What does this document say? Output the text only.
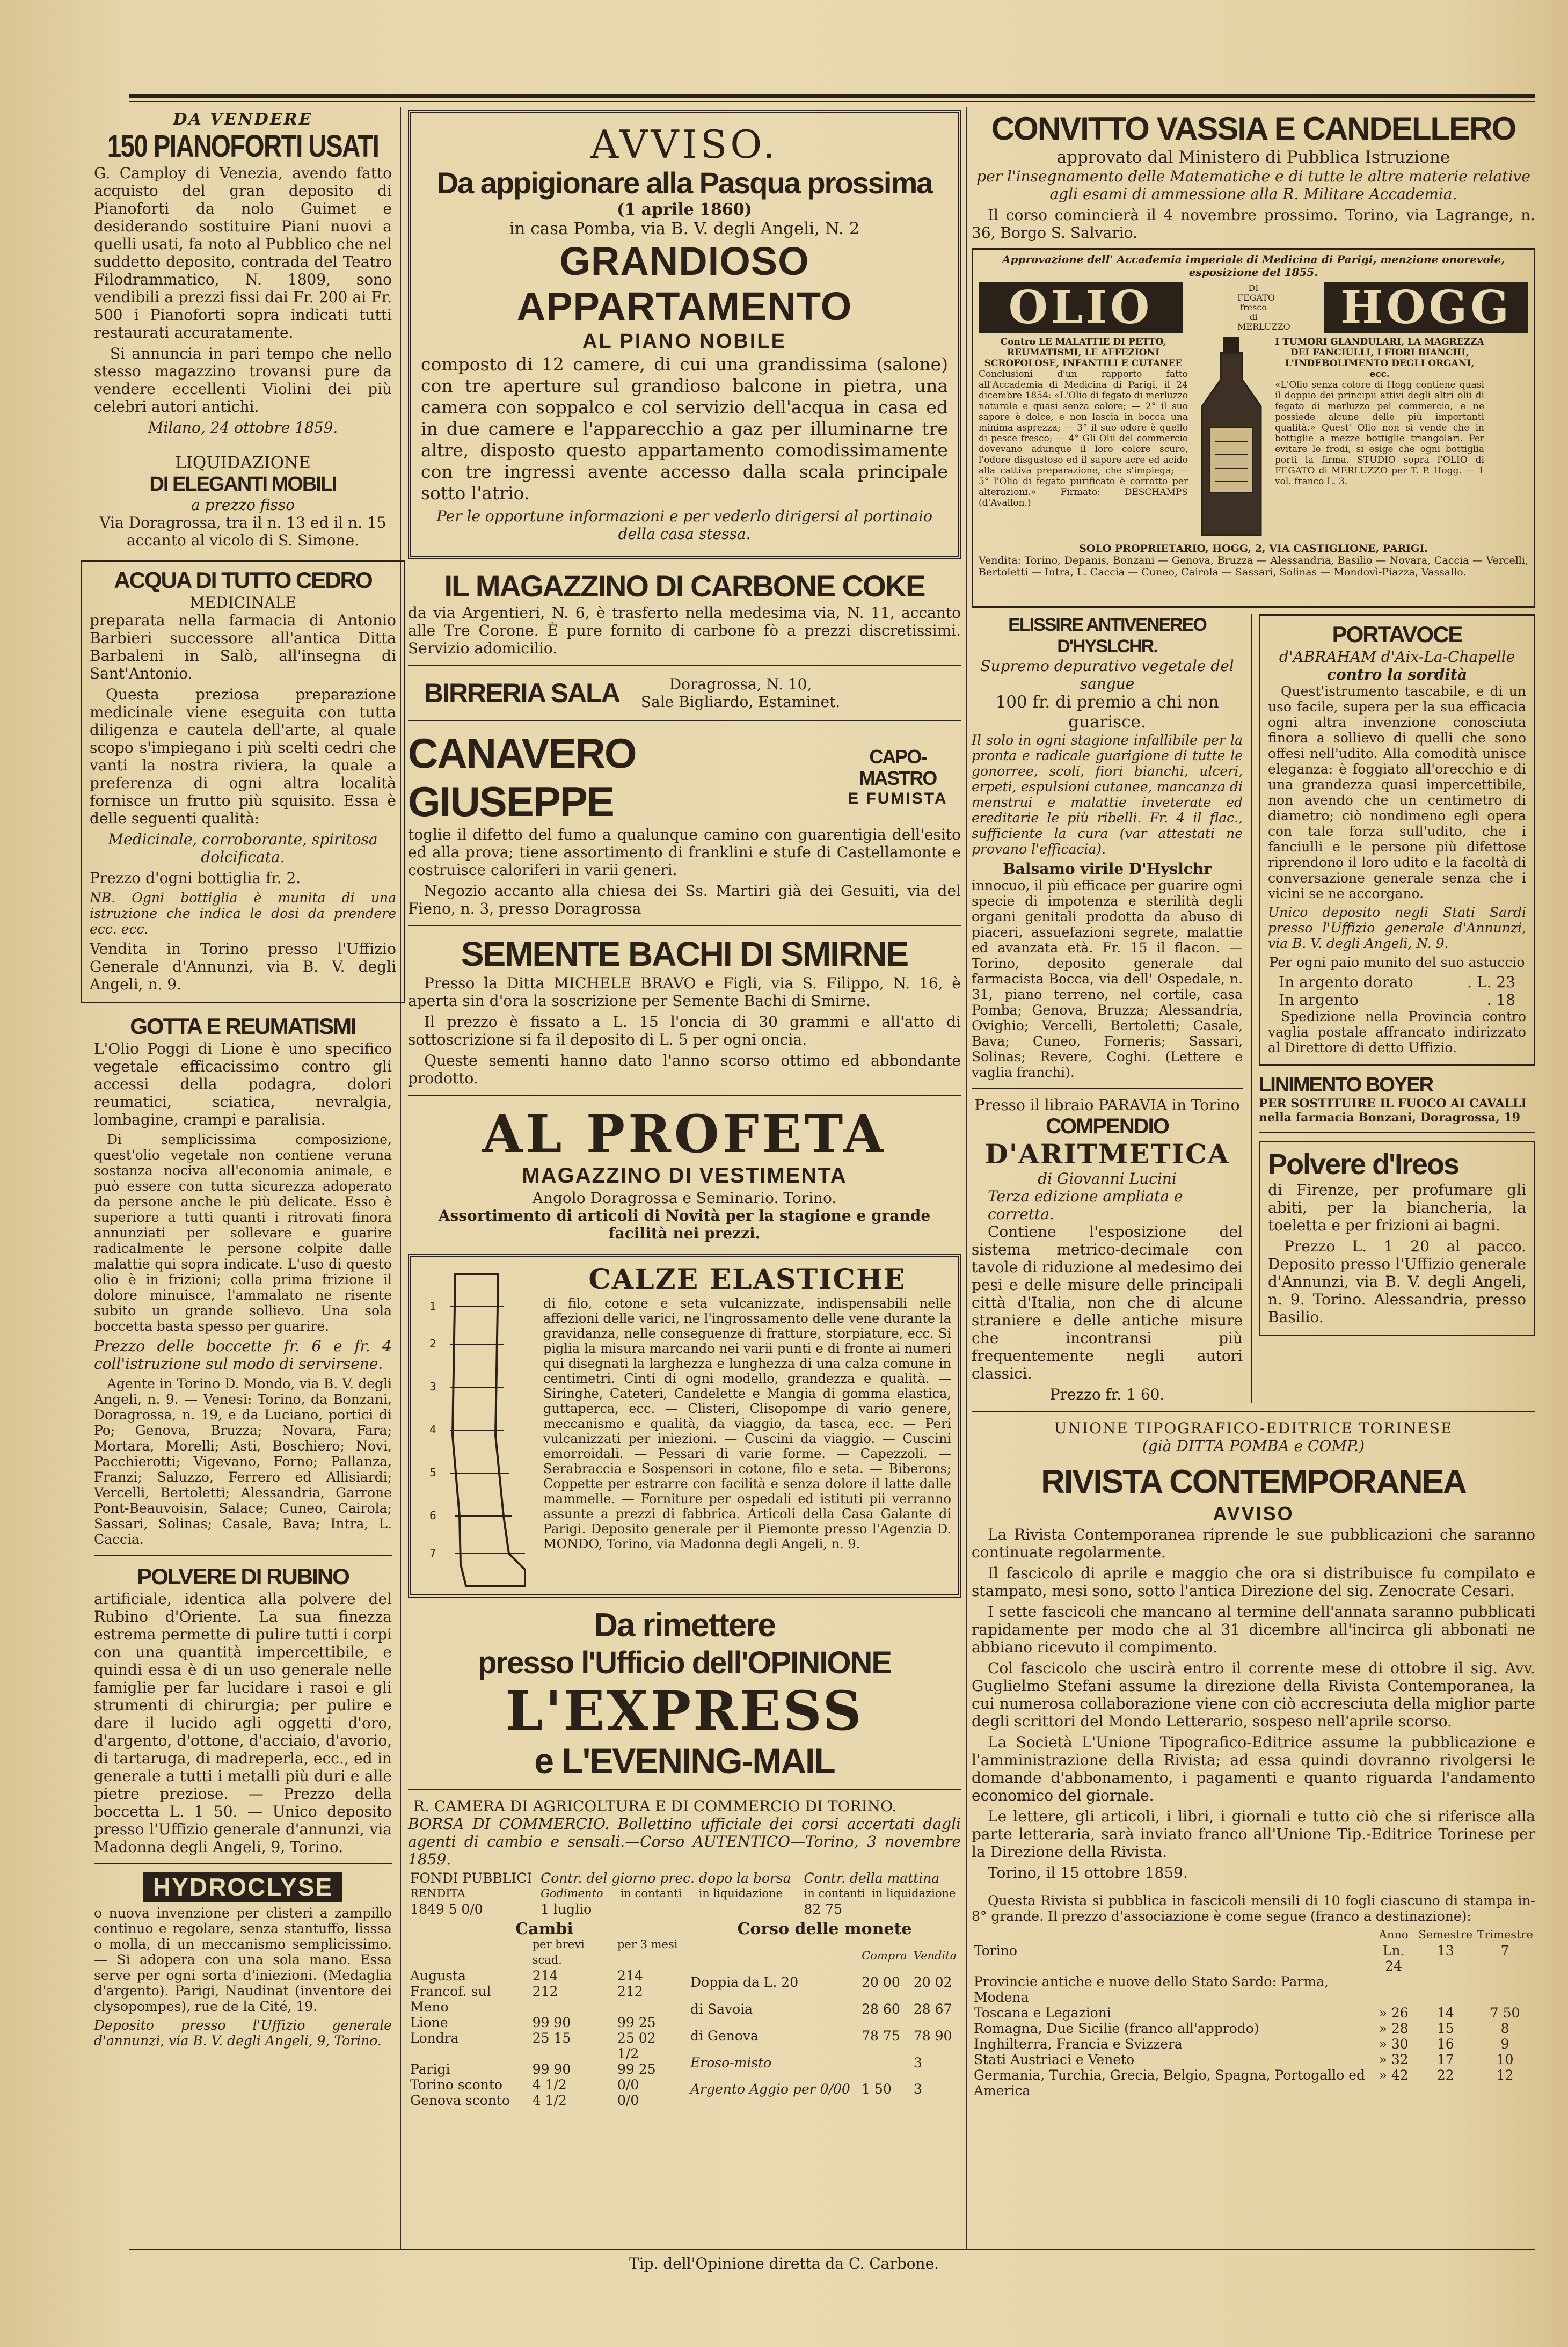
DA VENDERE
150 PIANOFORTI USATI

G. Camploy di Venezia, avendo fatto acquisto del gran deposito di Pianoforti da nolo Guimet e desiderando sostituire Piani nuovi a quelli usati, fa noto al Pubblico che nel suddetto deposito, contrada del Teatro Filodrammatico, N. 1809, sono vendibili a prezzi fissi dai Fr. 200 ai Fr. 500 i Pianoforti sopra indicati tutti restaurati accuratamente.

Si annuncia in pari tempo che nello stesso magazzino trovansi pure da vendere eccellenti Violini dei più celebri autori antichi.

Milano, 24 ottobre 1859.

LIQUIDAZIONE
DI ELEGANTI MOBILI
a prezzo fisso

Via Doragrossa, tra il n. 13 ed il n. 15 accanto al vicolo di S. Simone.

ACQUA DI TUTTO CEDRO
MEDICINALE

preparata nella farmacia di Antonio Barbieri successore all'antica Ditta Barbaleni in Salò, all'insegna di Sant'Antonio.

Questa preziosa preparazione medicinale viene eseguita con tutta diligenza e cautela dell'arte, al quale scopo s'impiegano i più scelti cedri che vanti la nostra riviera, la quale a preferenza di ogni altra località fornisce un frutto più squisito. Essa è delle seguenti qualità:

Medicinale, corroborante, spiritosa dolcificata.

Prezzo d'ogni bottiglia fr. 2.

NB. Ogni bottiglia è munita di una istruzione che indica le dosi da prendere ecc. ecc.

Vendita in Torino presso l'Uffizio Generale d'Annunzi, via B. V. degli Angeli, n. 9.

GOTTA E REUMATISMI

L'Olio Poggi di Lione è uno specifico vegetale efficacissimo contro gli accessi della podagra, dolori reumatici, sciatica, nevralgia, lombagine, crampi e paralisia.

Di semplicissima composizione, quest'olio vegetale non contiene veruna sostanza nociva all'economia animale, e può essere con tutta sicurezza adoperato da persone anche le più delicate. Esso è superiore a tutti quanti i ritrovati finora annunziati per sollevare e guarire radicalmente le persone colpite dalle malattie qui sopra indicate. L'uso di questo olio è in frizioni; colla prima frizione il dolore minuisce, l'ammalato ne risente subito un grande sollievo. Una sola boccetta basta spesso per guarire.

Prezzo delle boccette fr. 6 e fr. 4 coll'istruzione sul modo di servirsene.

Agente in Torino D. Mondo, via B. V. degli Angeli, n. 9. — Venesi: Torino, da Bonzani, Doragrossa, n. 19, e da Luciano, portici di Po; Genova, Bruzza; Novara, Fara; Mortara, Morelli; Asti, Boschiero; Novi, Pacchierotti; Vigevano, Forno; Pallanza, Franzi; Saluzzo, Ferrero ed Allisiardi; Vercelli, Bertoletti; Alessandria, Garrone Pont-Beauvoisin, Salace; Cuneo, Cairola; Sassari, Solinas; Casale, Bava; Intra, L. Caccia.

POLVERE DI RUBINO

artificiale, identica alla polvere del Rubino d'Oriente. La sua finezza estrema permette di pulire tutti i corpi con una quantità impercettibile, e quindi essa è di un uso generale nelle famiglie per far lucidare i rasoi e gli strumenti di chirurgia; per pulire e dare il lucido agli oggetti d'oro, d'argento, d'ottone, d'acciaio, d'avorio, di tartaruga, di madreperla, ecc., ed in generale a tutti i metalli più duri e alle pietre preziose. — Prezzo della boccetta L. 1 50. — Unico deposito presso l'Uffizio generale d'annunzi, via Madonna degli Angeli, 9, Torino.

HYDROCLYSE

o nuova invenzione per clisteri a zampillo continuo e regolare, senza stantuffo, lisssa o molla, di un meccanismo semplicissimo. — Si adopera con una sola mano. Essa serve per ogni sorta d'iniezioni. (Medaglia d'argento). Parigi, Naudinat (inventore dei clysopompes), rue de la Cité, 19.

Deposito presso l'Uffizio generale d'annunzi, via B. V. degli Angeli, 9, Torino.

AVVISO.
Da appigionare alla Pasqua prossima
(1 aprile 1860)
in casa Pomba, via B. V. degli Angeli, N. 2
GRANDIOSO APPARTAMENTO
AL PIANO NOBILE

composto di 12 camere, di cui una grandissima (salone) con tre aperture sul grandioso balcone in pietra, una camera con soppalco e col servizio dell'acqua in casa ed in due camere e l'apparecchio a gaz per illuminarne tre altre, disposto questo appartamento comodissimamente con tre ingressi avente accesso dalla scala principale sotto l'atrio.

Per le opportune informazioni e per vederlo dirigersi al portinaio della casa stessa.

IL MAGAZZINO DI CARBONE COKE

da via Argentieri, N. 6, è trasferto nella medesima via, N. 11, accanto alle Tre Corone. È pure fornito di carbone fò a prezzi discretissimi. Servizio adomicilio.

BIRRERIA SALA	Doragrossa, N. 10,
Sale Bigliardo, Estaminet.
CANAVERO GIUSEPPE
CAPO-MASTRO
E FUMISTA

toglie il difetto del fumo a qualunque camino con guarentigia dell'esito ed alla prova; tiene assortimento di franklini e stufe di Castellamonte e costruisce caloriferi in varii generi.

Negozio accanto alla chiesa dei Ss. Martiri già dei Gesuiti, via del Fieno, n. 3, presso Doragrossa

SEMENTE BACHI DI SMIRNE

Presso la Ditta MICHELE BRAVO e Figli, via S. Filippo, N. 16, è aperta sin d'ora la soscrizione per Semente Bachi di Smirne.

Il prezzo è fissato a L. 15 l'oncia di 30 grammi e all'atto di sottoscrizione si fa il deposito di L. 5 per ogni oncia.

Queste sementi hanno dato l'anno scorso ottimo ed abbondante prodotto.

AL PROFETA
MAGAZZINO DI VESTIMENTA
Angolo Doragrossa e Seminario. Torino.
Assortimento di articoli di Novità per la stagione e grande facilità nei prezzi.
1
2
3
4
5
6
7
CALZE ELASTICHE

di filo, cotone e seta vulcanizzate, indispensabili nelle affezioni delle varici, ne l'ingrossamento delle vene durante la gravidanza, nelle conseguenze di fratture, storpiature, ecc. Si piglia la misura marcando nei varii punti e di fronte ai numeri qui disegnati la larghezza e lunghezza di una calza comune in centimetri. Cinti di ogni modello, grandezza e qualità. — Siringhe, Cateteri, Candelette e Mangia di gomma elastica, guttaperca, ecc. — Clisteri, Clisopompe di vario genere, meccanismo e qualità, da viaggio, da tasca, ecc. — Peri vulcanizzati per iniezioni. — Cuscini da viaggio. — Cuscini emorroidali. — Pessari di varie forme. — Capezzoli. — Serabraccia e Sospensori in cotone, filo e seta. — Biberons; Coppette per estrarre con facilità e senza dolore il latte dalle mammelle. — Forniture per ospedali ed istituti pii verranno assunte a prezzi di fabbrica. Articoli della Casa Galante di Parigi. Deposito generale per il Piemonte presso l'Agenzia D. MONDO, Torino, via Madonna degli Angeli, n. 9.

Da rimettere
presso l'Ufficio dell'OPINIONE
L'EXPRESS
e L'EVENING-MAIL
R. CAMERA DI AGRICOLTURA E DI COMMERCIO DI TORINO.
BORSA DI COMMERCIO. Bollettino ufficiale dei corsi accertati dagli agenti di cambio e sensali.—Corso AUTENTICO—Torino, 3 novembre 1859.
FONDI PUBBLICI	Contr. del giorno prec. dopo la borsa			Contr. della mattina	
RENDITA	Godimento	in contanti	in liquidazione	in contanti	in liquidazione
1849 5 0/0	1 luglio			82 75	
Cambi		
	per brevi scad.	per 3 mesi
Augusta	214	214
Francof. sul Meno	212	212
Lione	99 90	99 25
Londra	25 15	25 02 1/2
Parigi	99 90	99 25
Torino sconto	4 1/2	0/0
Genova sconto	4 1/2	0/0
Corso delle monete		
	Compra	Vendita
Doppia da L. 20	20 00	20 02
di Savoia	28 60	28 67
di Genova	78 75	78 90
Eroso-misto		3
Argento Aggio per 0/00	1 50	3
CONVITTO VASSIA E CANDELLERO
approvato dal Ministero di Pubblica Istruzione

per l'insegnamento delle Matematiche e di tutte le altre materie relative agli esami di ammessione alla R. Militare Accademia.

Il corso comincierà il 4 novembre prossimo. Torino, via Lagrange, n. 36, Borgo S. Salvario.

Approvazione dell' Accademia imperiale di Medicina di Parigi, menzione onorevole, esposizione del 1855.
OLIO	DI FEGATO fresco di MERLUZZO	HOGG
Contro LE MALATTIE DI PETTO, REUMATISMI, LE AFFEZIONI SCROFOLOSE, INFANTILI E CUTANEE

Conclusioni d'un rapporto fatto all'Accademia di Medicina di Parigi, il 24 dicembre 1854: «L'Olio di fegato di merluzzo naturale e quasi senza colore; — 2° il suo sapore è dolce, e non lascia in bocca una minima asprezza; — 3° il suo odore è quello di pesce fresco; — 4° Gli Olii del commercio dovevano adunque il loro colore scuro, l'odore disgustoso ed il sapore acre ed acido alla cattiva preparazione, che s'impiega; — 5° l'Olio di fegato purificato è corrotto per alterazioni.» Firmato: DESCHAMPS (d'Avallon.)

I TUMORI GLANDULARI, LA MAGREZZA DEI FANCIULLI, I FIORI BIANCHI, L'INDEBOLIMENTO DEGLI ORGANI, ecc.

«L'Olio senza colore di Hogg contiene quasi il doppio dei principii attivi degli altri olii di fegato di merluzzo pel commercio, e ne possiede alcune delle più importanti qualità.» Quest' Olio non si vende che in bottiglie a mezze bottiglie triangolari. Per evitare le frodi, si esige che ogni bottiglia porti la firma. STUDIO sopra l'OLIO di FEGATO di MERLUZZO per T. P. Hogg. — 1 vol. franco L. 3.

SOLO PROPRIETARIO, HOGG, 2, VIA CASTIGLIONE, PARIGI.

Vendita: Torino, Depanis, Bonzani — Genova, Bruzza — Alessandria, Basilio — Novara, Caccia — Vercelli, Bertoletti — Intra, L. Caccia — Cuneo, Cairola — Sassari, Solinas — Mondovì-Piazza, Vassallo.

ELISSIRE ANTIVENEREO D'HYSLCHR.
Supremo depurativo vegetale del sangue
100 fr. di premio a chi non guarisce.

Il solo in ogni stagione infallibile per la pronta e radicale guarigione di tutte le gonorree, scoli, fiori bianchi, ulceri, erpeti, espulsioni cutanee, mancanza di menstrui e malattie inveterate ed ereditarie le più ribelli. Fr. 4 il flac., sufficiente la cura (var attestati ne provano l'efficacia).

Balsamo virile D'Hyslchr

innocuo, il più efficace per guarire ogni specie di impotenza e sterilità degli organi genitali prodotta da abuso di piaceri, assuefazioni segrete, malattie ed avanzata età. Fr. 15 il flacon. — Torino, deposito generale dal farmacista Bocca, via dell' Ospedale, n. 31, piano terreno, nel cortile, casa Pomba; Genova, Bruzza; Alessandria, Ovighio; Vercelli, Bertoletti; Casale, Bava; Cuneo, Forneris; Sassari, Solinas; Revere, Coghi. (Lettere e vaglia franchi).

Presso il libraio PARAVIA in Torino
COMPENDIO
D'ARITMETICA
di Giovanni Lucini
Terza edizione ampliata e corretta.

Contiene l'esposizione del sistema metrico-decimale con tavole di riduzione al medesimo dei pesi e delle misure delle principali città d'Italia, non che di alcune straniere e delle antiche misure che incontransi più frequentemente negli autori classici.

Prezzo fr. 1 60.
PORTAVOCE
d'ABRAHAM d'Aix-La-Chapelle
contro la sordità

Quest'istrumento tascabile, e di un uso facile, supera per la sua efficacia ogni altra invenzione conosciuta finora a sollievo di quelli che sono offesi nell'udito. Alla comodità unisce eleganza: è foggiato all'orecchio e di una grandezza quasi impercettibile, non avendo che un centimetro di diametro; ciò nondimeno egli opera con tale forza sull'udito, che i fanciulli e le persone più difettose riprendono il loro udito e la facoltà di conversazione generale senza che i vicini se ne accorgano.

Unico deposito negli Stati Sardi presso l'Uffizio generale d'Annunzi, via B. V. degli Angeli, N. 9.

Per ogni paio munito del suo astuccio

In argento dorato	. L. 23
In argento	. 18

Spedizione nella Provincia contro vaglia postale affrancato indirizzato al Direttore di detto Uffizio.

LINIMENTO BOYER
PER SOSTITUIRE IL FUOCO AI CAVALLI nella farmacia Bonzani, Doragrossa, 19
Polvere d'Ireos

di Firenze, per profumare gli abiti, per la biancheria, la toeletta e per frizioni ai bagni.

Prezzo L. 1 20 al pacco. Deposito presso l'Uffizio generale d'Annunzi, via B. V. degli Angeli, n. 9. Torino. Alessandria, presso Basilio.

UNIONE TIPOGRAFICO-EDITRICE TORINESE
(già DITTA POMBA e COMP.)
RIVISTA CONTEMPORANEA
AVVISO

La Rivista Contemporanea riprende le sue pubblicazioni che saranno continuate regolarmente.

Il fascicolo di aprile e maggio che ora si distribuisce fu compilato e stampato, mesi sono, sotto l'antica Direzione del sig. Zenocrate Cesari.

I sette fascicoli che mancano al termine dell'annata saranno pubblicati rapidamente per modo che al 31 dicembre all'incirca gli abbonati ne abbiano ricevuto il compimento.

Col fascicolo che uscirà entro il corrente mese di ottobre il sig. Avv. Guglielmo Stefani assume la direzione della Rivista Contemporanea, la cui numerosa collaborazione viene con ciò accresciuta della miglior parte degli scrittori del Mondo Letterario, sospeso nell'aprile scorso.

La Società L'Unione Tipografico-Editrice assume la pubblicazione e l'amministrazione della Rivista; ad essa quindi dovranno rivolgersi le domande d'abbonamento, i pagamenti e quanto riguarda l'andamento economico del giornale.

Le lettere, gli articoli, i libri, i giornali e tutto ciò che si riferisce alla parte letteraria, sarà inviato franco all'Unione Tip.-Editrice Torinese per la Direzione della Rivista.

Torino, il 15 ottobre 1859.

Questa Rivista si pubblica in fascicoli mensili di 10 fogli ciascuno di stampa in-8° grande. Il prezzo d'associazione è come segue (franco a destinazione):

	Anno	Semestre	Trimestre
Torino	Ln. 24	13	7
Provincie antiche e nuove dello Stato Sardo: Parma, Modena			
Toscana e Legazioni	» 26	14	7 50
Romagna, Due Sicilie (franco all'approdo)	» 28	15	8
Inghilterra, Francia e Svizzera	» 30	16	9
Stati Austriaci e Veneto	» 32	17	10
Germania, Turchia, Grecia, Belgio, Spagna, Portogallo ed America	» 42	22	12
Tip. dell'Opinione diretta da C. Carbone.
